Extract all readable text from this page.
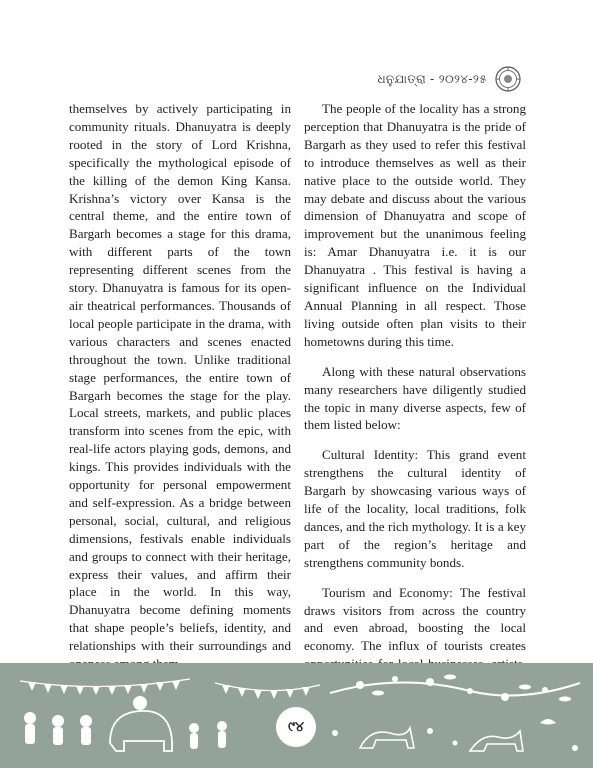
ଧନୁଯାତ୍ରା - ୨୦୨୪-୨୫

themselves by actively participating in community rituals. Dhanuyatra is deeply rooted in the story of Lord Krishna, specifically the mythological episode of the killing of the demon King Kansa. Krishna’s victory over Kansa is the central theme, and the entire town of Bargarh becomes a stage for this drama, with different parts of the town representing different scenes from the story. Dhanuyatra is famous for its open-air theatrical performances. Thousands of local people participate in the drama, with various characters and scenes enacted throughout the town. Unlike traditional stage performances, the entire town of Bargarh becomes the stage for the play. Local streets, markets, and public places transform into scenes from the epic, with real-life actors playing gods, demons, and kings. This provides individuals with the opportunity for personal empowerment and self-expression. As a bridge between personal, social, cultural, and religious dimensions, festivals enable individuals and groups to connect with their heritage, express their values, and affirm their place in the world. In this way, Dhanuyatra become defining moments that shape people’s beliefs, identity, and relationships with their surroundings and

The people of the locality has a strong perception that Dhanuyatra is the pride of Bargarh as they used to refer this festival to introduce themselves as well as their native place to the outside world. They may debate and discuss about the various dimension of Dhanuyatra and scope of improvement but the unanimous feeling is: Amar Dhanuyatra i.e. it is our Dhanuyatra . This festival is having a significant influence on the Individual Annual Planning in all respect. Those living outside often plan visits to their hometowns during this time.

Along with these natural observations many researchers have diligently studied the topic in many diverse aspects, few of them listed below:

Cultural Identity: This grand event strengthens the cultural identity of Bargarh by showcasing various ways of life of the locality, local traditions, folk dances, and the rich mythology. It is a key part of the region’s heritage and strengthens community bonds.

Tourism and Economy: The festival draws visitors from across the country and even abroad, boosting the local economy. The influx of tourists creates

୯୪
